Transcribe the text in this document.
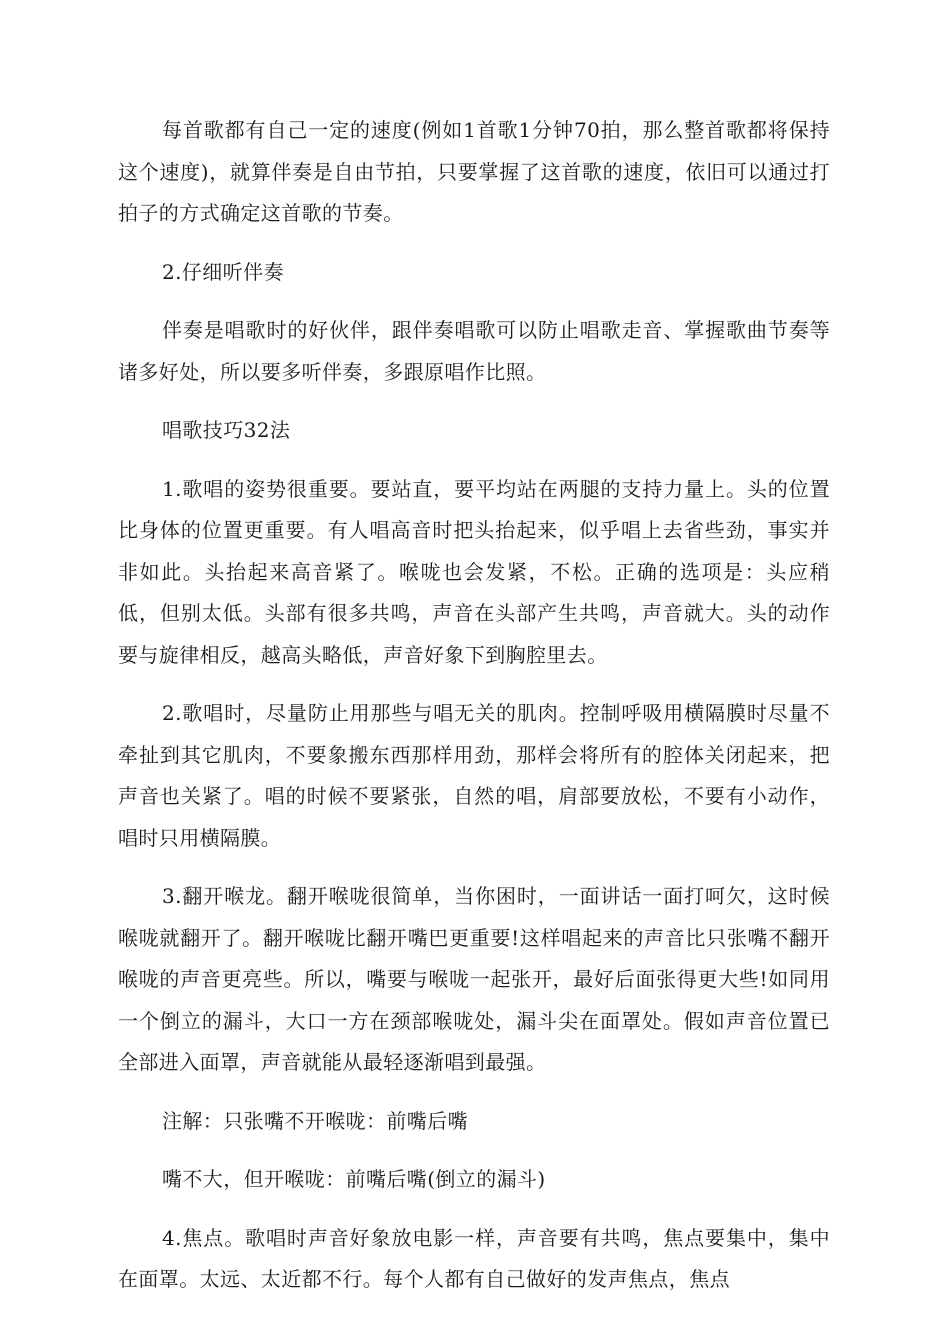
每首歌都有自己一定的速度(例如1首歌1分钟70拍，那么整首歌都将保持这个速度)，就算伴奏是自由节拍，只要掌握了这首歌的速度，依旧可以通过打拍子的方式确定这首歌的节奏。

2.仔细听伴奏

伴奏是唱歌时的好伙伴，跟伴奏唱歌可以防止唱歌走音、掌握歌曲节奏等诸多好处，所以要多听伴奏，多跟原唱作比照。

唱歌技巧32法

1.歌唱的姿势很重要。要站直，要平均站在两腿的支持力量上。头的位置比身体的位置更重要。有人唱高音时把头抬起来，似乎唱上去省些劲，事实并非如此。头抬起来高音紧了。喉咙也会发紧，不松。正确的选项是：头应稍低，但别太低。头部有很多共鸣，声音在头部产生共鸣，声音就大。头的动作要与旋律相反，越高头略低，声音好象下到胸腔里去。

2.歌唱时，尽量防止用那些与唱无关的肌肉。控制呼吸用横隔膜时尽量不牵扯到其它肌肉，不要象搬东西那样用劲，那样会将所有的腔体关闭起来，把声音也关紧了。唱的时候不要紧张，自然的唱，肩部要放松，不要有小动作，唱时只用横隔膜。

3.翻开喉龙。翻开喉咙很简单，当你困时，一面讲话一面打呵欠，这时候喉咙就翻开了。翻开喉咙比翻开嘴巴更重要!这样唱起来的声音比只张嘴不翻开喉咙的声音更亮些。所以，嘴要与喉咙一起张开，最好后面张得更大些!如同用一个倒立的漏斗，大口一方在颈部喉咙处，漏斗尖在面罩处。假如声音位置已全部进入面罩，声音就能从最轻逐渐唱到最强。

注解：只张嘴不开喉咙：前嘴后嘴

嘴不大，但开喉咙：前嘴后嘴(倒立的漏斗)

4.焦点。歌唱时声音好象放电影一样，声音要有共鸣，焦点要集中，集中在面罩。太远、太近都不行。每个人都有自己做好的发声焦点，焦点
